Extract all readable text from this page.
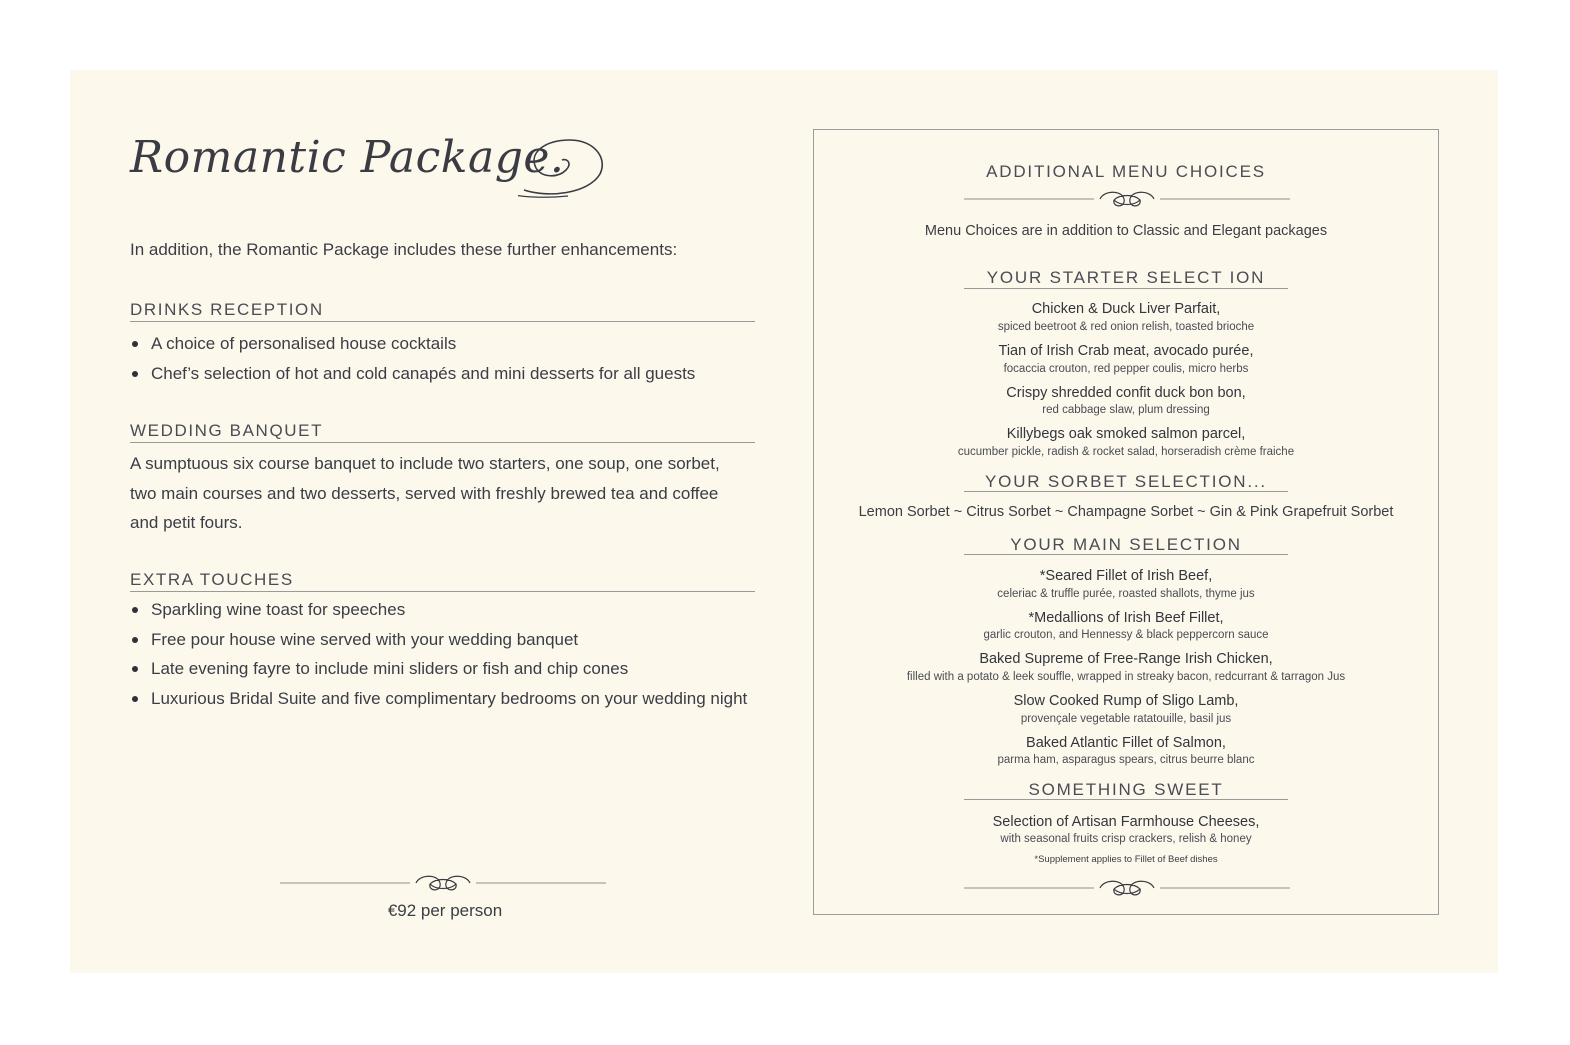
Romantic Package.
In addition, the Romantic Package includes these further enhancements:
DRINKS RECEPTION
A choice of personalised house cocktails
Chef’s selection of hot and cold canapés and mini desserts for all guests
WEDDING BANQUET
A sumptuous six course banquet to include two starters, one soup, one sorbet,
two main courses and two desserts, served with freshly brewed tea and coffee
and petit fours.
EXTRA TOUCHES
Sparkling wine toast for speeches
Free pour house wine served with your wedding banquet
Late evening fayre to include mini sliders or fish and chip cones
Luxurious Bridal Suite and five complimentary bedrooms on your wedding night
€92 per person
ADDITIONAL MENU CHOICES
Menu Choices are in addition to Classic and Elegant packages
YOUR STARTER SELECT ION
Chicken & Duck Liver Parfait,
spiced beetroot & red onion relish, toasted brioche
Tian of Irish Crab meat, avocado purée,
focaccia crouton, red pepper coulis, micro herbs
Crispy shredded confit duck bon bon,
red cabbage slaw, plum dressing
Killybegs oak smoked salmon parcel,
cucumber pickle, radish & rocket salad, horseradish crème fraiche
YOUR SORBET SELECTION...
Lemon Sorbet ~ Citrus Sorbet ~ Champagne Sorbet ~ Gin & Pink Grapefruit Sorbet
YOUR MAIN SELECTION
*Seared Fillet of Irish Beef,
celeriac & truffle purée, roasted shallots, thyme jus
*Medallions of Irish Beef Fillet,
garlic crouton, and Hennessy & black peppercorn sauce
Baked Supreme of Free-Range Irish Chicken,
filled with a potato & leek souffle, wrapped in streaky bacon, redcurrant & tarragon Jus
Slow Cooked Rump of Sligo Lamb,
provençale vegetable ratatouille, basil jus
Baked Atlantic Fillet of Salmon,
parma ham, asparagus spears, citrus beurre blanc
SOMETHING SWEET
Selection of Artisan Farmhouse Cheeses,
with seasonal fruits crisp crackers, relish & honey
*Supplement applies to Fillet of Beef dishes
